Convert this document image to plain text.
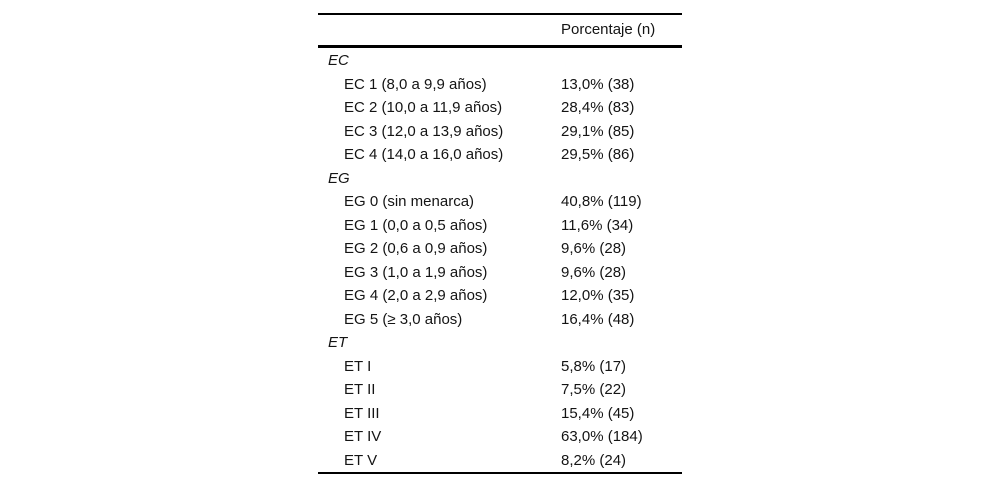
Porcentaje (n)
EC
EC 1 (8,0 a 9,9 años)	13,0% (38)
EC 2 (10,0 a 11,9 años)	28,4% (83)
EC 3 (12,0 a 13,9 años)	29,1% (85)
EC 4 (14,0 a 16,0 años)	29,5% (86)
EG
EG 0 (sin menarca)	40,8% (119)
EG 1 (0,0 a 0,5 años)	11,6% (34)
EG 2 (0,6 a 0,9 años)	9,6% (28)
EG 3 (1,0 a 1,9 años)	9,6% (28)
EG 4 (2,0 a 2,9 años)	12,0% (35)
EG 5 (≥ 3,0 años)	16,4% (48)
ET
ET I	5,8% (17)
ET II	7,5% (22)
ET III	15,4% (45)
ET IV	63,0% (184)
ET V	8,2% (24)
